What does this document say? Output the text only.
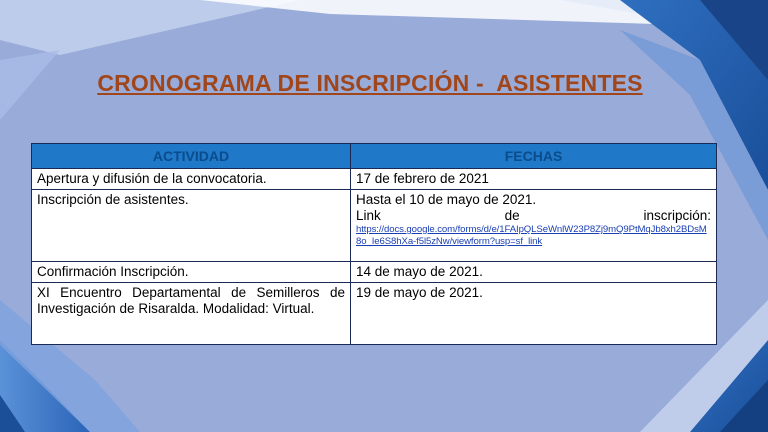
CRONOGRAMA DE INSCRIPCIÓN -  ASISTENTES
ACTIVIDAD	FECHAS
Apertura y difusión de la convocatoria.	17 de febrero de 2021
Inscripción de asistentes.	Hasta el 10 de mayo de 2021.
Link de inscripción:
https://docs.google.com/forms/d/e/1FAIpQLSeWnlW23P8Zj9mQ9PtMqJb8xh2BDsM8o_Ie6S8hXa-f5l5zNw/viewform?usp=sf_link

Confirmación Inscripción.	14 de mayo de 2021.
XI Encuentro Departamental de Semilleros de Investigación de Risaralda. Modalidad: Virtual.	19 de mayo de 2021.
